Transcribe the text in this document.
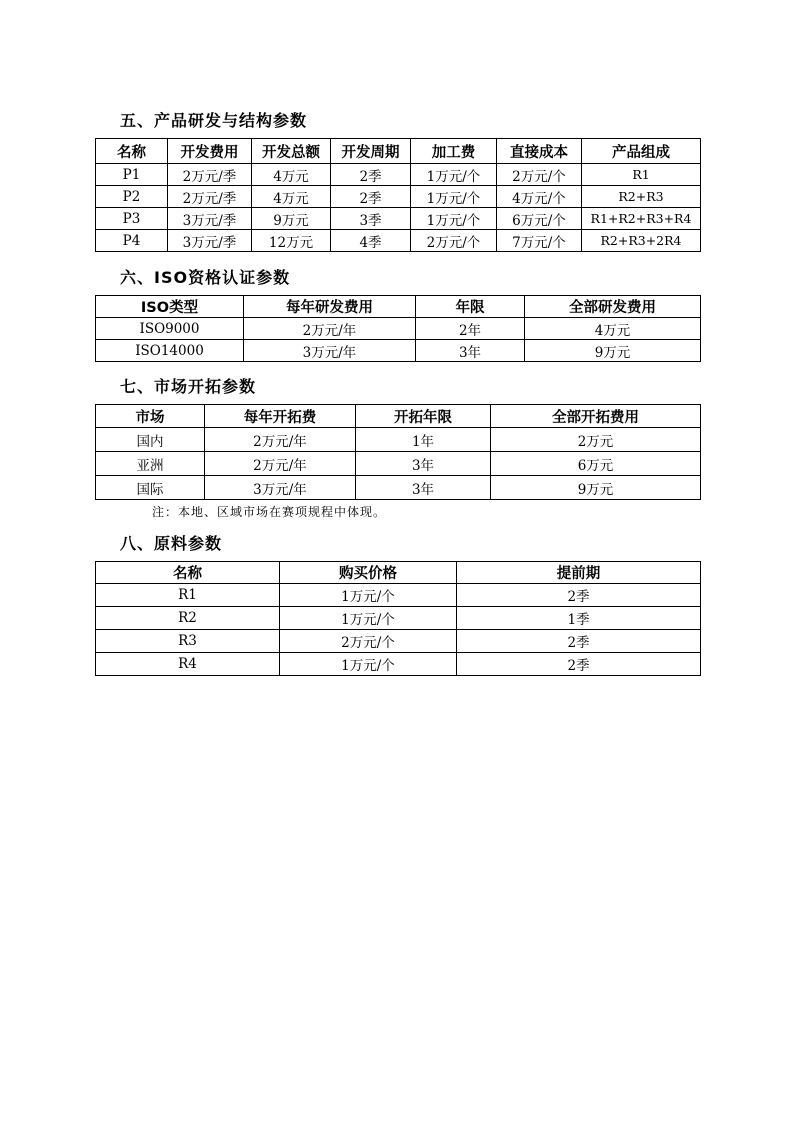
五、产品研发与结构参数
名称	开发费用	开发总额	开发周期	加工费	直接成本	产品组成
P1	2万元/季	4万元	2季	1万元/个	2万元/个	R1
P2	2万元/季	4万元	2季	1万元/个	4万元/个	R2+R3
P3	3万元/季	9万元	3季	1万元/个	6万元/个	R1+R2+R3+R4
P4	3万元/季	12万元	4季	2万元/个	7万元/个	R2+R3+2R4
六、ISO资格认证参数
ISO类型	每年研发费用	年限	全部研发费用
ISO9000	2万元/年	2年	4万元
ISO14000	3万元/年	3年	9万元
七、市场开拓参数
市场	每年开拓费	开拓年限	全部开拓费用
国内	2万元/年	1年	2万元
亚洲	2万元/年	3年	6万元
国际	3万元/年	3年	9万元
注：本地、区域市场在赛项规程中体现。
八、原料参数
名称	购买价格	提前期
R1	1万元/个	2季
R2	1万元/个	1季
R3	2万元/个	2季
R4	1万元/个	2季
